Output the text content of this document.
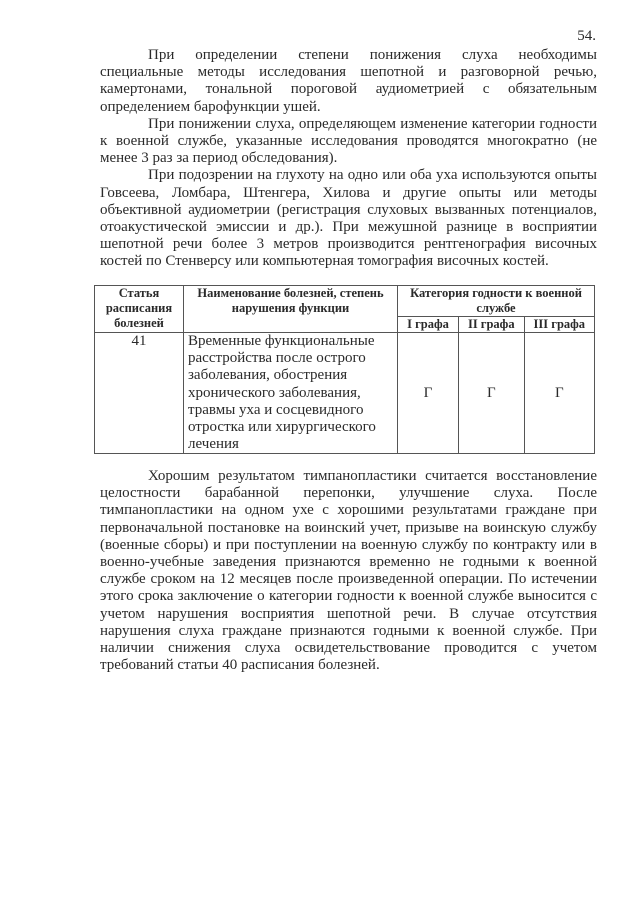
54.

При определении степени понижения слуха необходимы специальные методы исследования шепотной и разговорной речью, камертонами, тональной пороговой аудиометрией с обязательным определением барофункции ушей.

При понижении слуха, определяющем изменение категории годности к военной службе, указанные исследования проводятся многократно (не менее 3 раз за период обследования).

При подозрении на глухоту на одно или оба уха используются опыты Говсеева, Ломбара, Штенгера, Хилова и другие опыты или методы объективной аудиометрии (регистрация слуховых вызванных потенциалов, отоакустической эмиссии и др.). При межушной разнице в восприятии шепотной речи более 3 метров производится рентгенография височных костей по Стенверсу или компьютерная томография височных костей.

Статья расписания болезней	Наименование болезней, степень нарушения функции	Категория годности к военной службе		
		I графа	II графа	III графа
41	Временные функциональные расстройства после острого заболевания, обострения хронического заболевания, травмы уха и сосцевидного отростка или хирургического лечения	Г	Г	Г

Хорошим результатом тимпанопластики считается восстановление целостности барабанной перепонки, улучшение слуха. После тимпанопластики на одном ухе с хорошими результатами граждане при первоначальной постановке на воинский учет, призыве на воинскую службу (военные сборы) и при поступлении на военную службу по контракту или в военно-учебные заведения признаются временно не годными к военной службе сроком на 12 месяцев после произведенной операции. По истечении этого срока заключение о категории годности к военной службе выносится с учетом нарушения восприятия шепотной речи. В случае отсутствия нарушения слуха граждане признаются годными к военной службе. При наличии снижения слуха освидетельствование проводится с учетом требований статьи 40 расписания болезней.
